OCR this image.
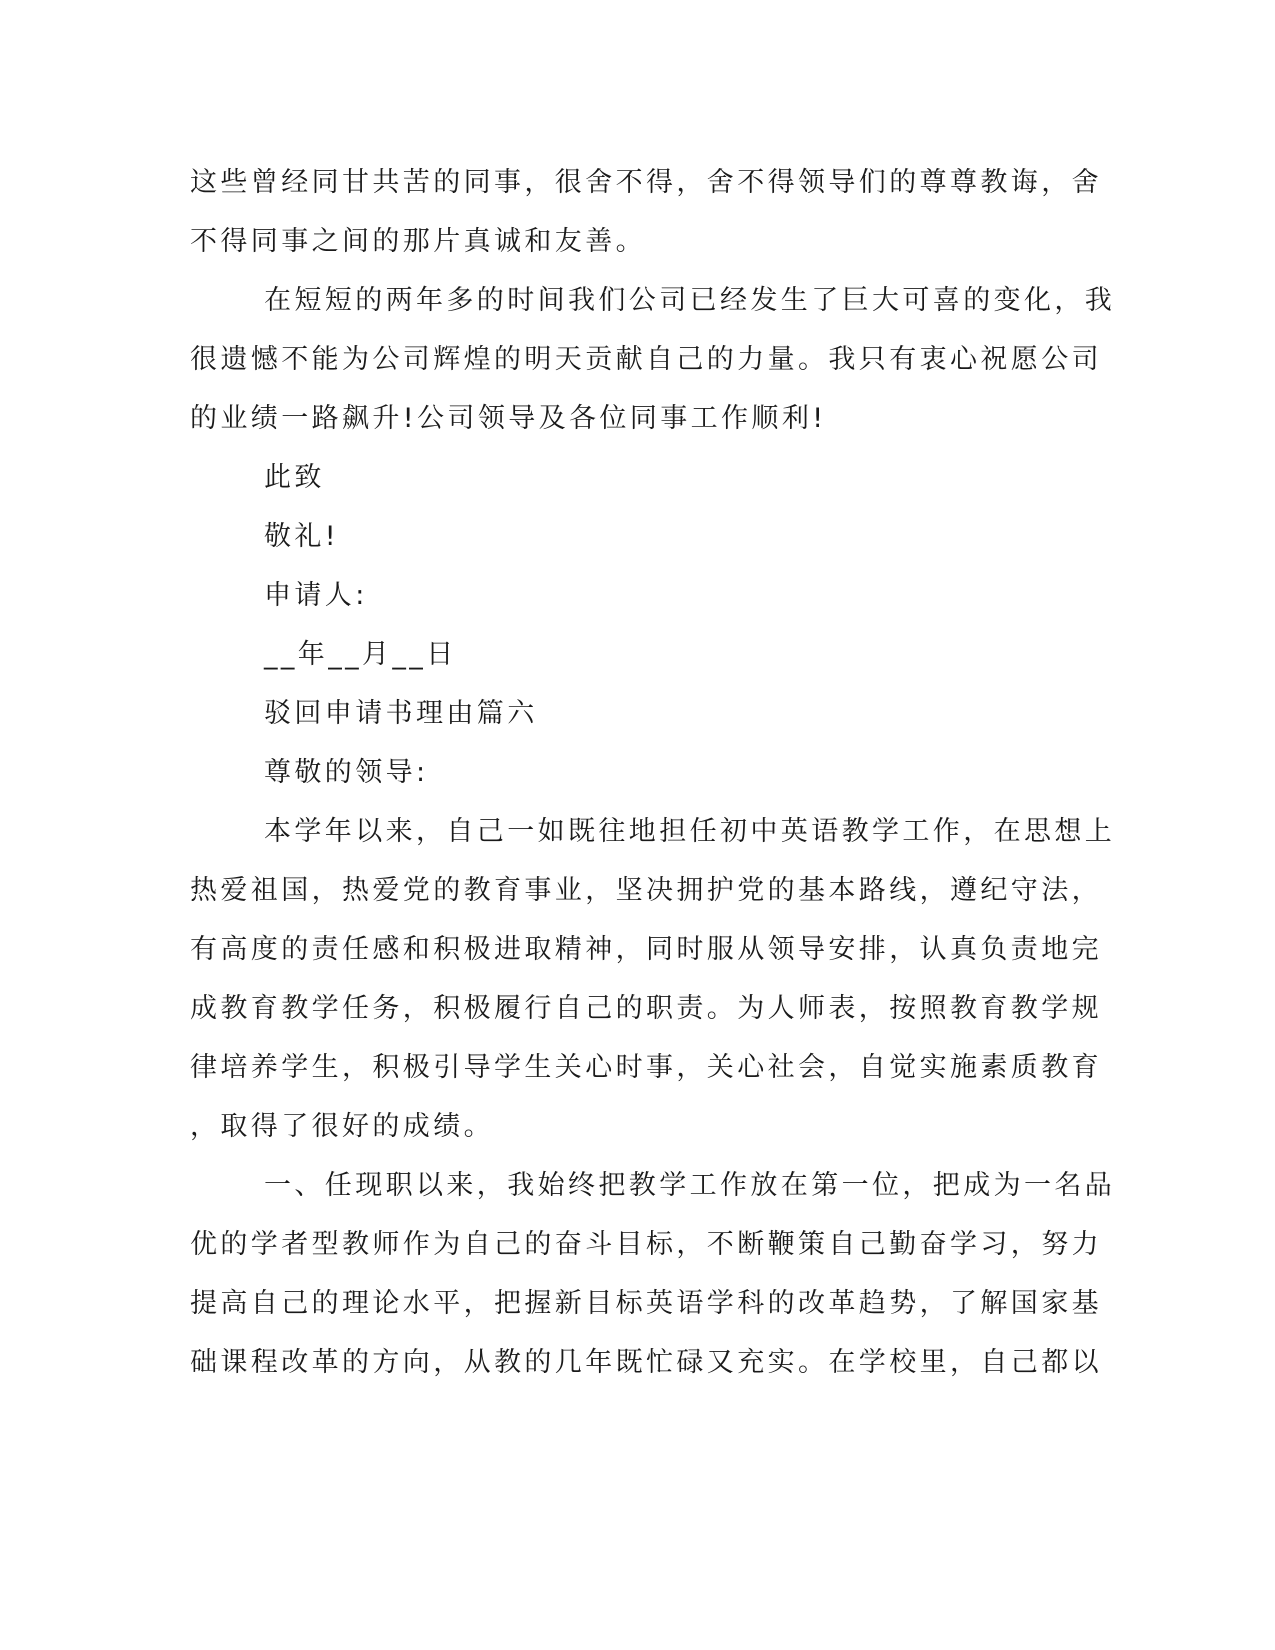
这些曾经同甘共苦的同事，很舍不得，舍不得领导们的尊尊教诲，舍
不得同事之间的那片真诚和友善。
在短短的两年多的时间我们公司已经发生了巨大可喜的变化，我
很遗憾不能为公司辉煌的明天贡献自己的力量。我只有衷心祝愿公司
的业绩一路飙升!公司领导及各位同事工作顺利!
此致
敬礼!
申请人:
__年__月__日
驳回申请书理由篇六
尊敬的领导:
本学年以来，自己一如既往地担任初中英语教学工作，在思想上
热爱祖国，热爱党的教育事业，坚决拥护党的基本路线，遵纪守法，
有高度的责任感和积极进取精神，同时服从领导安排，认真负责地完
成教育教学任务，积极履行自己的职责。为人师表，按照教育教学规
律培养学生，积极引导学生关心时事，关心社会，自觉实施素质教育
，取得了很好的成绩。
一、任现职以来，我始终把教学工作放在第一位，把成为一名品
优的学者型教师作为自己的奋斗目标，不断鞭策自己勤奋学习，努力
提高自己的理论水平，把握新目标英语学科的改革趋势，了解国家基
础课程改革的方向，从教的几年既忙碌又充实。在学校里，自己都以
